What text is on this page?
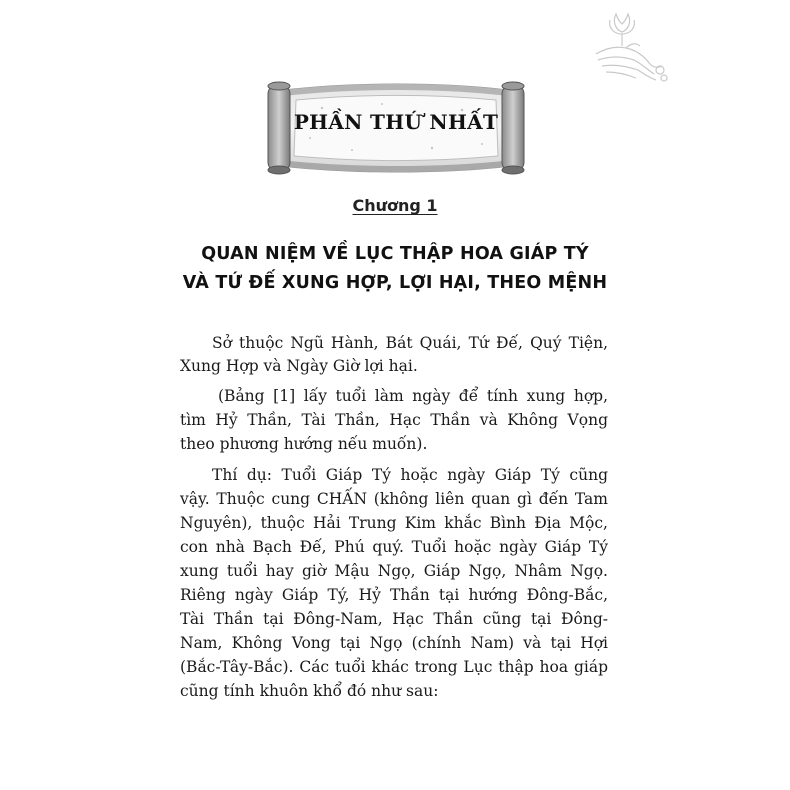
PHẦN THỨ NHẤT
Chương 1
QUAN NIỆM VỀ LỤC THẬP HOA GIÁP TÝ
VÀ TỨ ĐẾ XUNG HỢP, LỢI HẠI, THEO MỆNH
Sở thuộc Ngũ Hành, Bát Quái, Tứ Đế, Quý Tiện,
Xung Hợp và Ngày Giờ lợi hại.
(Bảng [1] lấy tuổi làm ngày để tính xung hợp,
tìm Hỷ Thần, Tài Thần, Hạc Thần và Không Vọng
theo phương hướng nếu muốn).
Thí dụ: Tuổi Giáp Tý hoặc ngày Giáp Tý cũng
vậy. Thuộc cung CHẤN (không liên quan gì đến Tam
Nguyên), thuộc Hải Trung Kim khắc Bình Địa Mộc,
con nhà Bạch Đế, Phú quý. Tuổi hoặc ngày Giáp Tý
xung tuổi hay giờ Mậu Ngọ, Giáp Ngọ, Nhâm Ngọ.
Riêng ngày Giáp Tý, Hỷ Thần tại hướng Đông-Bắc,
Tài Thần tại Đông-Nam, Hạc Thần cũng tại Đông-
Nam, Không Vong tại Ngọ (chính Nam) và tại Hợi
(Bắc-Tây-Bắc). Các tuổi khác trong Lục thập hoa giáp
cũng tính khuôn khổ đó như sau:
